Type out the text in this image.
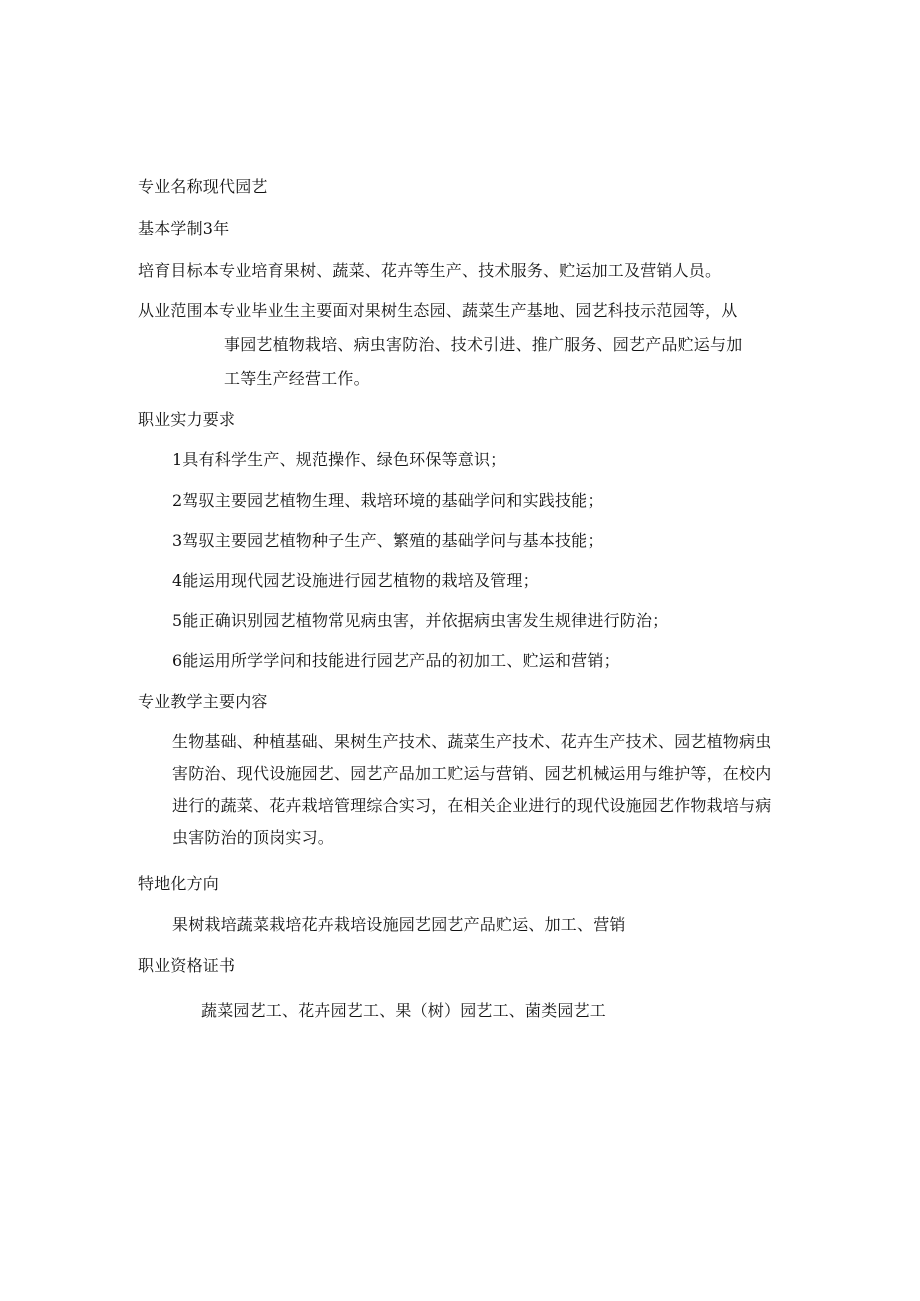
专业名称现代园艺
基本学制3年
培育目标本专业培育果树、蔬菜、花卉等生产、技术服务、贮运加工及营销人员。
从业范围本专业毕业生主要面对果树生态园、蔬菜生产基地、园艺科技示范园等，从
事园艺植物栽培、病虫害防治、技术引进、推广服务、园艺产品贮运与加
工等生产经营工作。
职业实力要求
1具有科学生产、规范操作、绿色环保等意识；
2驾驭主要园艺植物生理、栽培环境的基础学问和实践技能；
3驾驭主要园艺植物种子生产、繁殖的基础学问与基本技能；
4能运用现代园艺设施进行园艺植物的栽培及管理；
5能正确识别园艺植物常见病虫害，并依据病虫害发生规律进行防治；
6能运用所学学问和技能进行园艺产品的初加工、贮运和营销；
专业教学主要内容
生物基础、种植基础、果树生产技术、蔬菜生产技术、花卉生产技术、园艺植物病虫害防治、现代设施园艺、园艺产品加工贮运与营销、园艺机械运用与维护等，在校内进行的蔬菜、花卉栽培管理综合实习，在相关企业进行的现代设施园艺作物栽培与病虫害防治的顶岗实习。
特地化方向
果树栽培蔬菜栽培花卉栽培设施园艺园艺产品贮运、加工、营销
职业资格证书
蔬菜园艺工、花卉园艺工、果（树）园艺工、菌类园艺工
